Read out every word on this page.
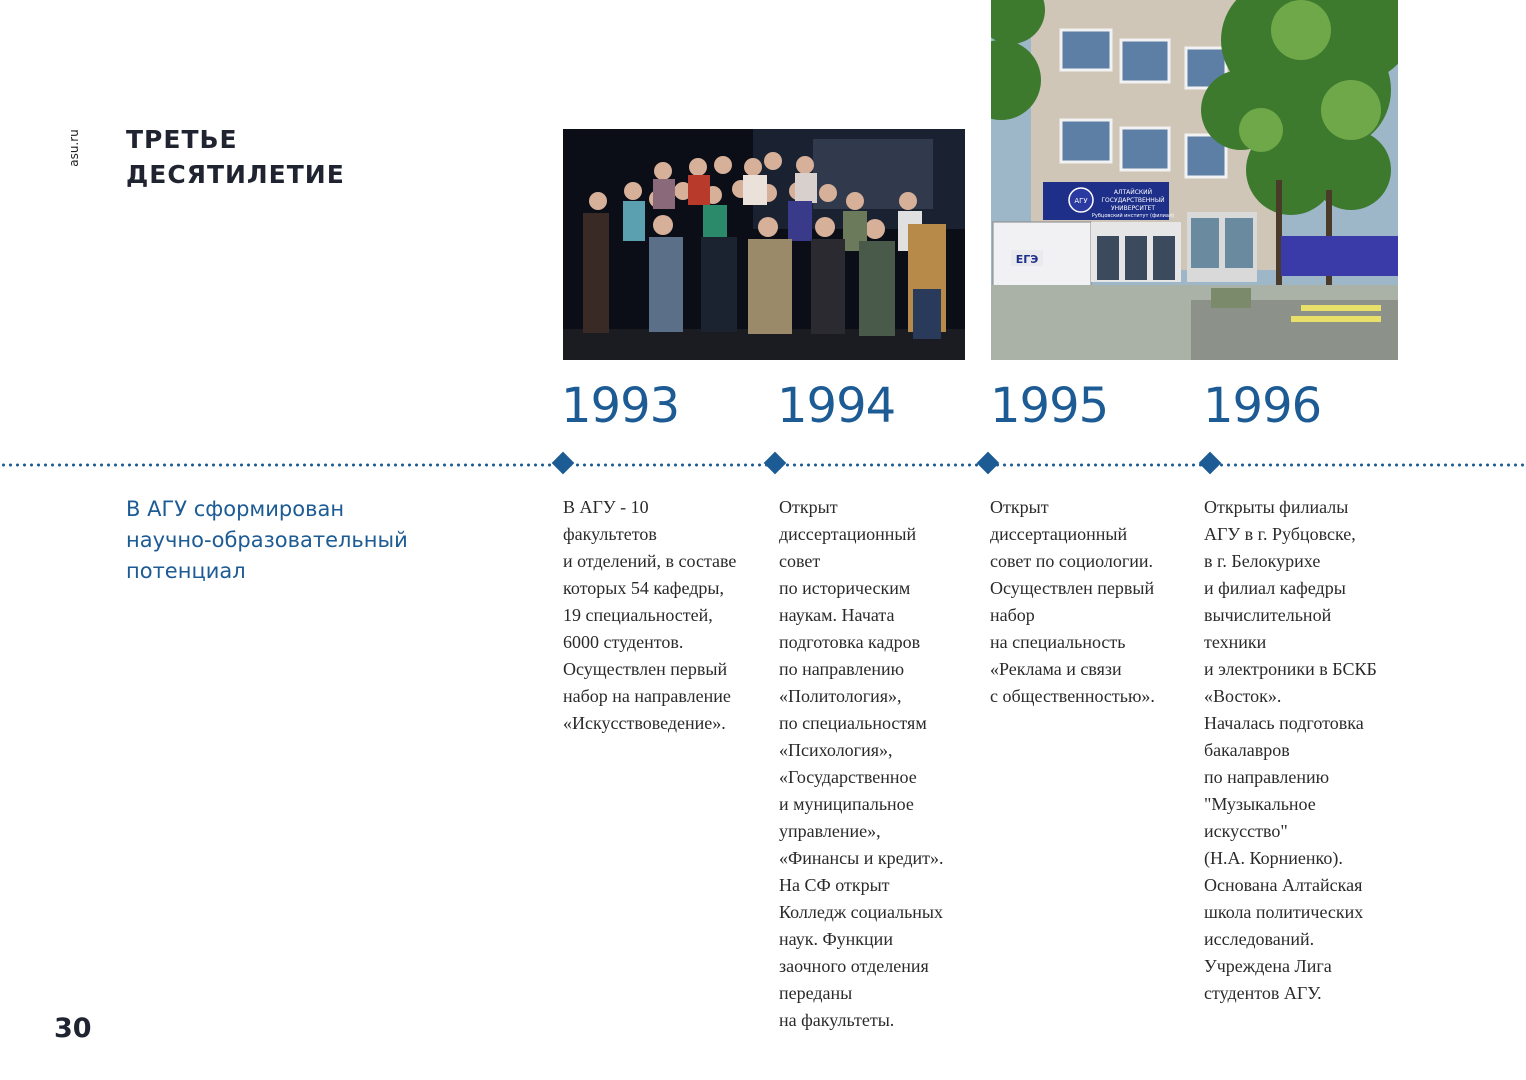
asu.ru ТРЕТЬЕ
ДЕСЯТИЛЕТИЕ

В АГУ сформирован
научно-образовательный
потенциал

АЛТАЙСКИЙ
ГОСУДАРСТВЕННЫЙ
УНИВЕРСИТЕТ
Рубцовский институт (филиал)
АГУ
ЕГЭ
1993 1994 1995 1996

В АГУ - 10
факультетов
и отделений, в составе
которых 54 кафедры,
19 специальностей,
6000 студентов.
Осуществлен первый
набор на направление
«Искусствоведение».

Открыт
диссертационный
совет
по историческим
наукам. Начата
подготовка кадров
по направлению
«Политология»,
по специальностям
«Психология»,
«Государственное
и муниципальное
управление»,
«Финансы и кредит».
На СФ открыт
Колледж социальных
наук. Функции
заочного отделения
переданы
на факультеты.

Открыт
диссертационный
совет по социологии.
Осуществлен первый
набор
на специальность
«Реклама и связи
с общественностью».

Открыты филиалы
АГУ в г. Рубцовске,
в г. Белокурихе
и филиал кафедры
вычислительной
техники
и электроники в БСКБ
«Восток».
Началась подготовка
бакалавров
по направлению
"Музыкальное
искусство"
(Н.А. Корниенко).
Основана Алтайская
школа политических
исследований.
Учреждена Лига
студентов АГУ.

30
